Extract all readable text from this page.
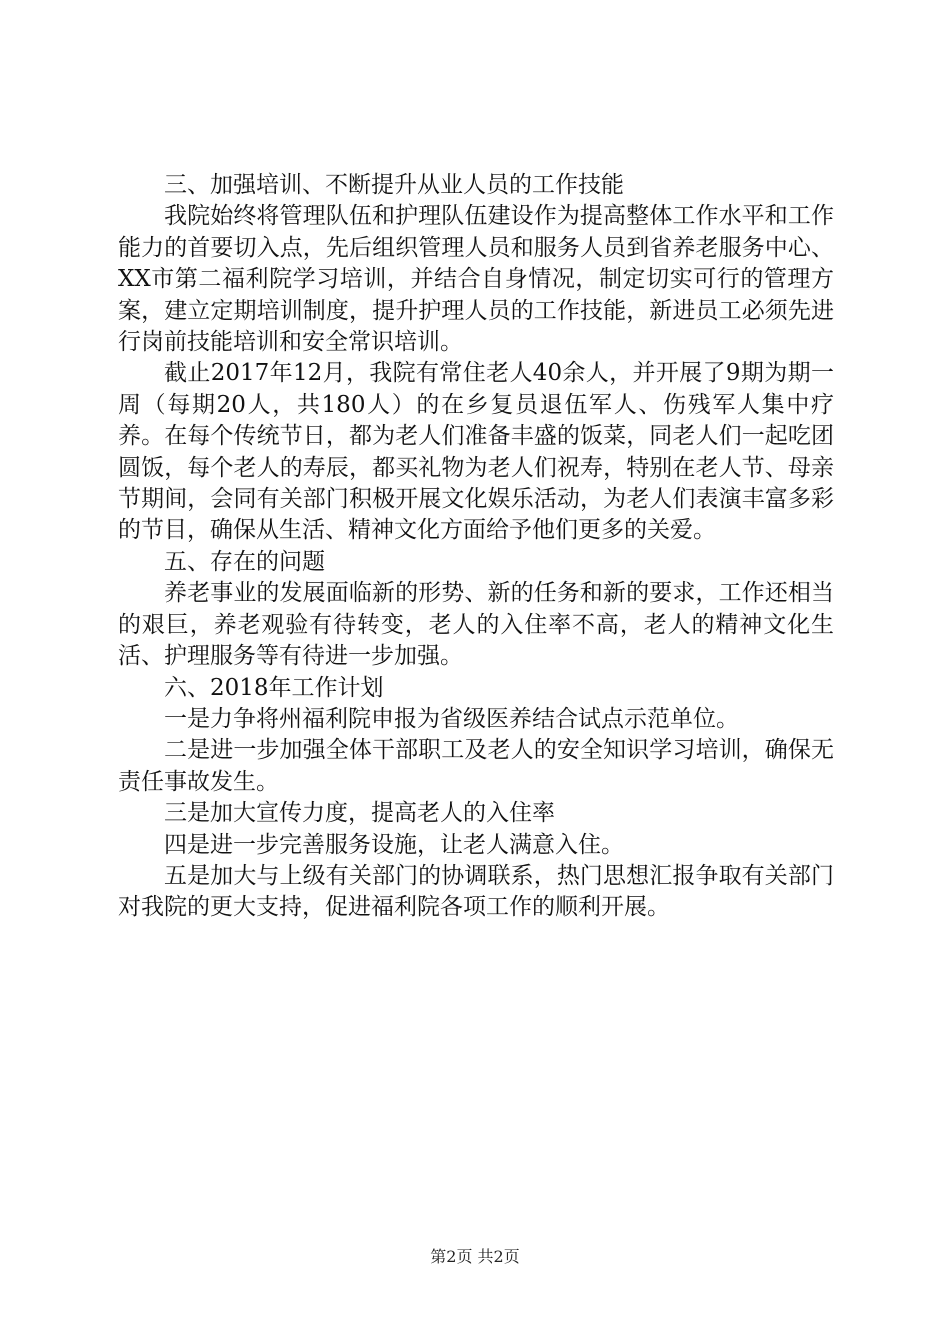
三、加强培训、不断提升从业人员的工作技能

我院始终将管理队伍和护理队伍建设作为提高整体工作水平和工作能力的首要切入点，先后组织管理人员和服务人员到省养老服务中心、XX市第二福利院学习培训，并结合自身情况，制定切实可行的管理方案，建立定期培训制度，提升护理人员的工作技能，新进员工必须先进行岗前技能培训和安全常识培训。

截止2017年12月，我院有常住老人40余人，并开展了9期为期一周（每期20人，共180人）的在乡复员退伍军人、伤残军人集中疗养。在每个传统节日，都为老人们准备丰盛的饭菜，同老人们一起吃团圆饭，每个老人的寿辰，都买礼物为老人们祝寿，特别在老人节、母亲节期间，会同有关部门积极开展文化娱乐活动，为老人们表演丰富多彩的节目，确保从生活、精神文化方面给予他们更多的关爱。

五、存在的问题

养老事业的发展面临新的形势、新的任务和新的要求，工作还相当的艰巨，养老观验有待转变，老人的入住率不高，老人的精神文化生活、护理服务等有待进一步加强。

六、2018年工作计划

一是力争将州福利院申报为省级医养结合试点示范单位。

二是进一步加强全体干部职工及老人的安全知识学习培训，确保无责任事故发生。

三是加大宣传力度，提高老人的入住率

四是进一步完善服务设施，让老人满意入住。

五是加大与上级有关部门的协调联系，热门思想汇报争取有关部门对我院的更大支持，促进福利院各项工作的顺利开展。

第2页 共2页
